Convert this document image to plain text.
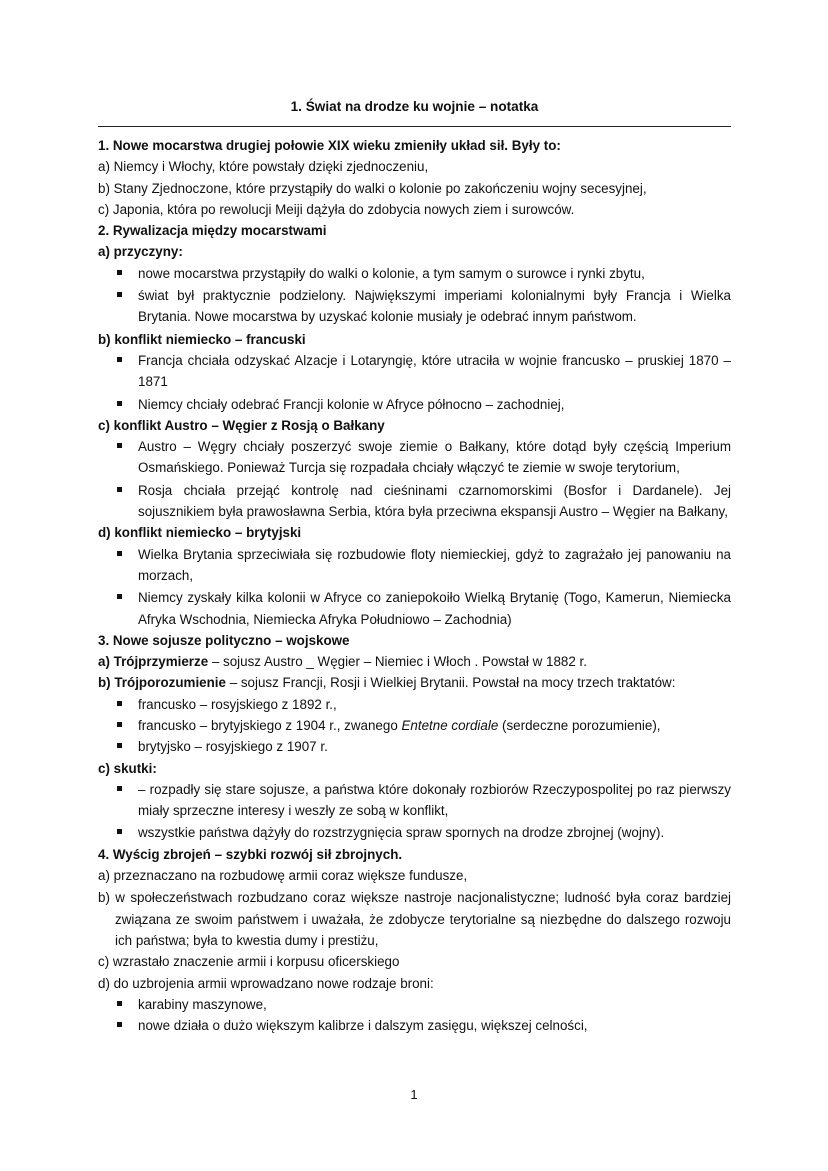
1. Świat na drodze ku wojnie – notatka

1. Nowe mocarstwa drugiej połowie XIX wieku zmieniły układ sił. Były to:

a) Niemcy i Włochy, które powstały dzięki zjednoczeniu,

b) Stany Zjednoczone, które przystąpiły do walki o kolonie po zakończeniu wojny secesyjnej,

c) Japonia, która po rewolucji Meiji dążyła do zdobycia nowych ziem i surowców.

2. Rywalizacja między mocarstwami

a) przyczyny:

nowe mocarstwa przystąpiły do walki o kolonie, a tym samym o surowce i rynki zbytu,
świat był praktycznie podzielony. Największymi imperiami kolonialnymi były Francja i Wielka Brytania. Nowe mocarstwa by uzyskać kolonie musiały je odebrać innym państwom.

b) konflikt niemiecko – francuski

Francja chciała odzyskać Alzacje i Lotaryngię, które utraciła w wojnie francusko – pruskiej 1870 – 1871
Niemcy chciały odebrać Francji kolonie w Afryce północno – zachodniej,

c) konflikt Austro – Węgier z Rosją o Bałkany

Austro – Węgry chciały poszerzyć swoje ziemie o Bałkany, które dotąd były częścią Imperium Osmańskiego. Ponieważ Turcja się rozpadała chciały włączyć te ziemie w swoje terytorium,
Rosja chciała przejąć kontrolę nad cieśninami czarnomorskimi (Bosfor i Dardanele). Jej sojusznikiem była prawosławna Serbia, która była przeciwna ekspansji Austro – Węgier na Bałkany,

d) konflikt niemiecko – brytyjski

Wielka Brytania sprzeciwiała się rozbudowie floty niemieckiej, gdyż to zagrażało jej panowaniu na morzach,
Niemcy zyskały kilka kolonii w Afryce co zaniepokoiło Wielką Brytanię (Togo, Kamerun, Niemiecka Afryka Wschodnia, Niemiecka Afryka Południowo – Zachodnia)

3. Nowe sojusze polityczno – wojskowe

a) Trójprzymierze – sojusz Austro _ Węgier – Niemiec i Włoch . Powstał w 1882 r.

b) Trójporozumienie – sojusz Francji, Rosji i Wielkiej Brytanii. Powstał na mocy trzech traktatów:

francusko – rosyjskiego z 1892 r.,
francusko – brytyjskiego z 1904 r., zwanego Entetne cordiale (serdeczne porozumienie),
brytyjsko – rosyjskiego z 1907 r.

c) skutki:

– rozpadły się stare sojusze, a państwa które dokonały rozbiorów Rzeczypospolitej po raz pierwszy miały sprzeczne interesy i weszły ze sobą w konflikt,
wszystkie państwa dążyły do rozstrzygnięcia spraw spornych na drodze zbrojnej (wojny).

4. Wyścig zbrojeń – szybki rozwój sił zbrojnych.

a) przeznaczano na rozbudowę armii coraz większe fundusze,

b) w społeczeństwach rozbudzano coraz większe nastroje nacjonalistyczne; ludność była coraz bardziej związana ze swoim państwem i uważała, że zdobycze terytorialne są niezbędne do dalszego rozwoju ich państwa; była to kwestia dumy i prestiżu,

c) wzrastało znaczenie armii i korpusu oficerskiego

d) do uzbrojenia armii wprowadzano nowe rodzaje broni:

karabiny maszynowe,
nowe działa o dużo większym kalibrze i dalszym zasięgu, większej celności,
1
